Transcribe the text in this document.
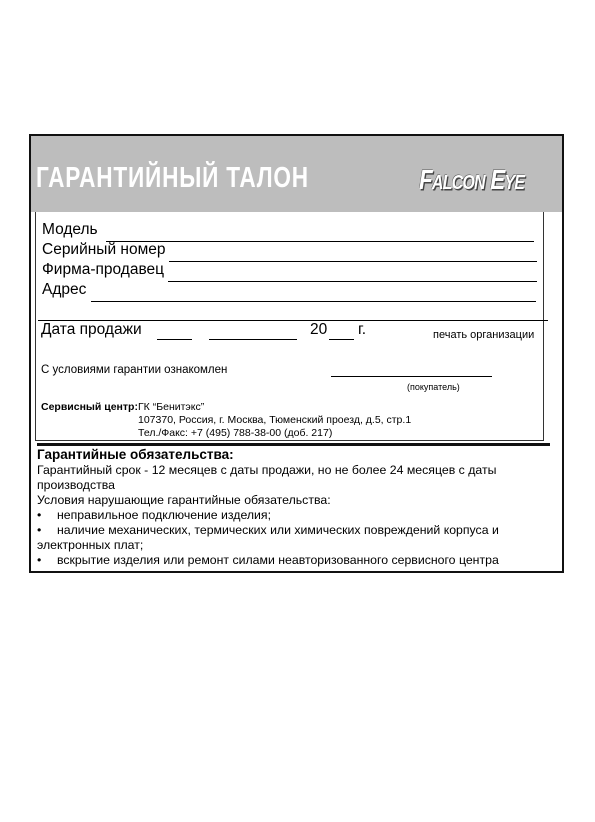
ГАРАНТИЙНЫЙ ТАЛОН	Falcon Eye
Модель
Серийный номер
Фирма-продавец
Адрес
Дата продажи	20 г.	печать организации
С условиями гарантии ознакомлен
(покупатель)
Сервисный центр: ГК “Бенитэкс”
107370, Россия, г. Москва, Тюменский проезд, д.5, стр.1
Тел./Факс: +7 (495) 788-38-00 (доб. 217)
Гарантийные обязательства:
Гарантийный срок - 12 месяцев с даты продажи, но не более 24 месяцев с даты
производства
Условия нарушающие гарантийные обязательства:
• неправильное подключение изделия;
• наличие механических, термических или химических повреждений корпуса и
электронных плат;
• вскрытие изделия или ремонт силами неавторизованного сервисного центра
